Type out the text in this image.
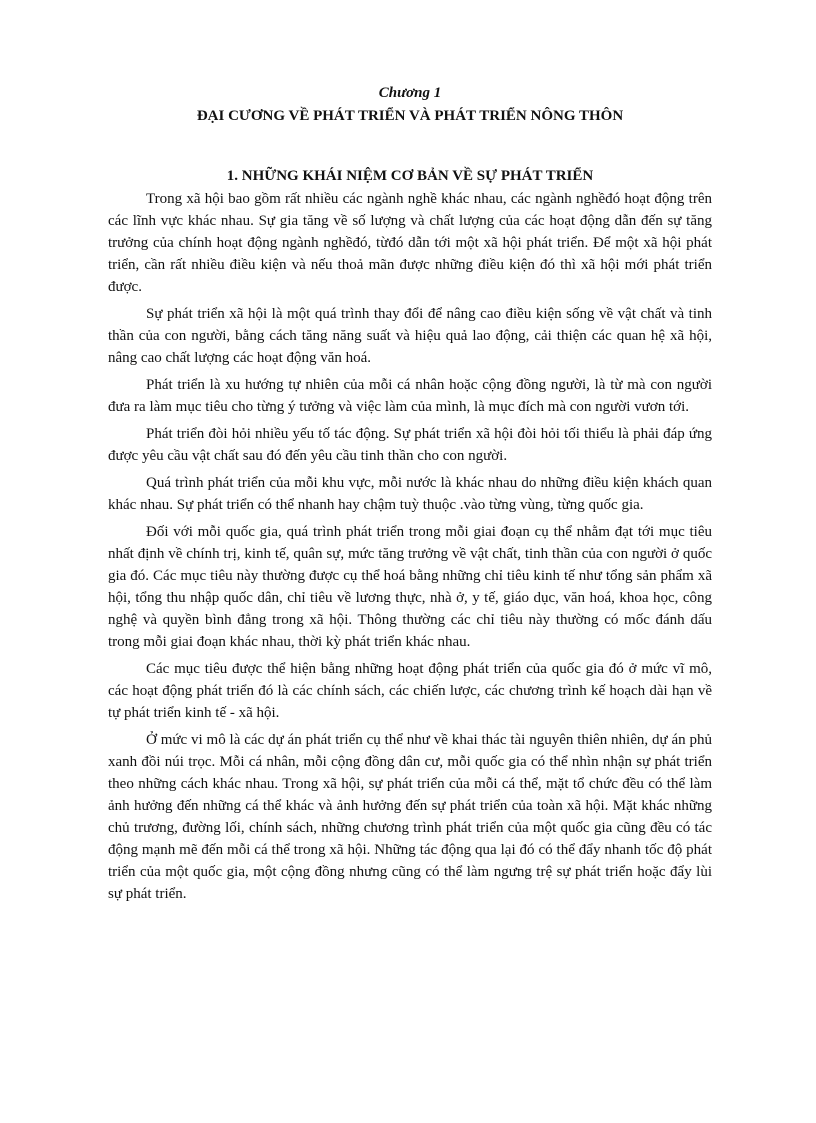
Chương 1

ĐẠI CƯƠNG VỀ PHÁT TRIỂN VÀ PHÁT TRIỂN NÔNG THÔN
1. NHỮNG KHÁI NIỆM CƠ BẢN VỀ SỰ PHÁT TRIỂN

Trong xã hội bao gồm rất nhiều các ngành nghề khác nhau, các ngành nghềđó hoạt động trên các lĩnh vực khác nhau. Sự gia tăng về số lượng và chất lượng của các hoạt động dẫn đến sự tăng trưởng của chính hoạt động ngành nghềđó, từđó dẫn tới một xã hội phát triển. Để một xã hội phát triển, cần rất nhiều điều kiện và nếu thoả mãn được những điều kiện đó thì xã hội mới phát triển được.

Sự phát triển xã hội là một quá trình thay đổi để nâng cao điều kiện sống về vật chất và tinh thần của con người, bằng cách tăng năng suất và hiệu quả lao động, cải thiện các quan hệ xã hội, nâng cao chất lượng các hoạt động văn hoá.

Phát triển là xu hướng tự nhiên của mỗi cá nhân hoặc cộng đồng người, là từ mà con người đưa ra làm mục tiêu cho từng ý tưởng và việc làm của mình, là mục đích mà con người vươn tới.

Phát triển đòi hỏi nhiều yếu tố tác động. Sự phát triển xã hội đòi hỏi tối thiểu là phải đáp ứng được yêu cầu vật chất sau đó đến yêu cầu tinh thần cho con người.

Quá trình phát triển của mỗi khu vực, mỗi nước là khác nhau do những điều kiện khách quan khác nhau. Sự phát triển có thể nhanh hay chậm tuỳ thuộc .vào từng vùng, từng quốc gia.

Đối với mỗi quốc gia, quá trình phát triển trong mỗi giai đoạn cụ thể nhằm đạt tới mục tiêu nhất định về chính trị, kinh tế, quân sự, mức tăng trưởng về vật chất, tinh thần của con người ở quốc gia đó. Các mục tiêu này thường được cụ thể hoá bằng những chỉ tiêu kinh tế như tổng sản phẩm xã hội, tổng thu nhập quốc dân, chỉ tiêu về lương thực, nhà ở, y tế, giáo dục, văn hoá, khoa học, công nghệ và quyền bình đẳng trong xã hội. Thông thường các chỉ tiêu này thường có mốc đánh dấu trong mỗi giai đoạn khác nhau, thời kỳ phát triển khác nhau.

Các mục tiêu được thể hiện bằng những hoạt động phát triển của quốc gia đó ở mức vĩ mô, các hoạt động phát triển đó là các chính sách, các chiến lược, các chương trình kế hoạch dài hạn về tự phát triển kinh tế - xã hội.

Ở mức vi mô là các dự án phát triển cụ thể như về khai thác tài nguyên thiên nhiên, dự án phủ xanh đồi núi trọc. Mỗi cá nhân, mỗi cộng đồng dân cư, mỗi quốc gia có thể nhìn nhận sự phát triển theo những cách khác nhau. Trong xã hội, sự phát triển của mỗi cá thể, mặt tổ chức đều có thể làm ảnh hưởng đến những cá thể khác và ảnh hưởng đến sự phát triển của toàn xã hội. Mặt khác những chủ trương, đường lối, chính sách, những chương trình phát triển của một quốc gia cũng đều có tác động mạnh mẽ đến mỗi cá thể trong xã hội. Những tác động qua lại đó có thể đẩy nhanh tốc độ phát triển của một quốc gia, một cộng đồng nhưng cũng có thể làm ngưng trệ sự phát triển hoặc đẩy lùi sự phát triển.
